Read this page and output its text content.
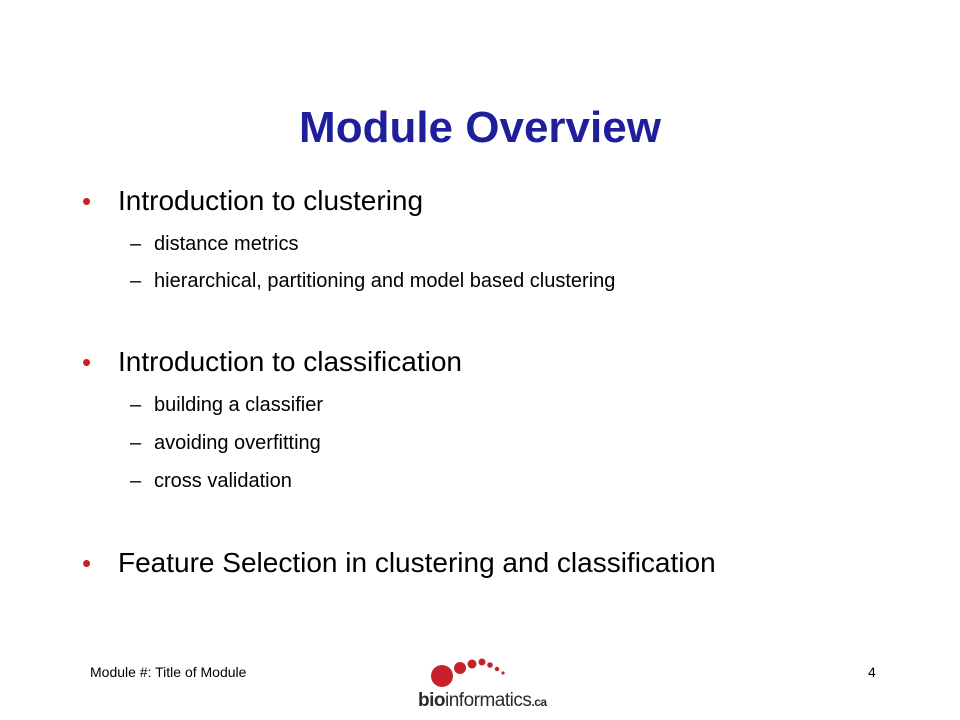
Module Overview
• Introduction to clustering
– distance metrics
– hierarchical, partitioning and model based clustering
• Introduction to classification
– building a classifier
– avoiding overfitting
– cross validation
• Feature Selection in clustering and classification
Module #: Title of Module
bioinformatics.ca
4
